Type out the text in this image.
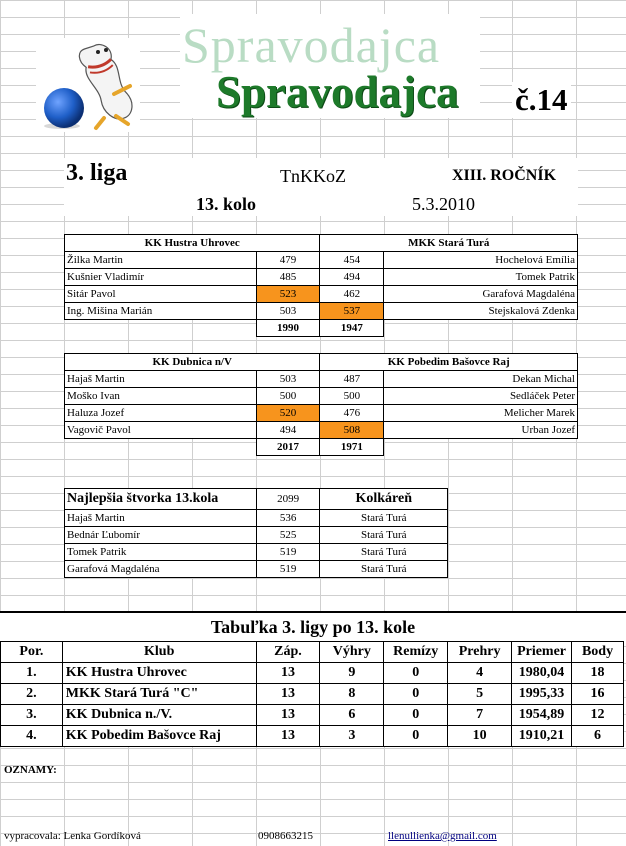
Spravodajca
Spravodajca č.14
3. liga	TnKKoZ	XIII. ROČNÍK
13. kolo	5.3.2010
KK Hustra Uhrovec		MKK Stará Turá	
Žilka Martin	479	454	Hochelová Emília
Kušnier Vladimír	485	494	Tomek Patrik
Sitár Pavol	523	462	Garafová Magdaléna
Ing. Mišina Marián	503	537	Stejskalová Zdenka
	1990	1947	
KK Dubnica n/V		KK Pobedim Bašovce Raj	
Hajaš Martin	503	487	Dekan Michal
Moško Ivan	500	500	Sedláček Peter
Haluza Jozef	520	476	Melicher Marek
Vagovič Pavol	494	508	Urban Jozef
	2017	1971	
Najlepšia štvorka 13.kola	2099	Kolkáreň
Hajaš Martin	536	Stará Turá
Bednár Ľubomír	525	Stará Turá
Tomek Patrik	519	Stará Turá
Garafová Magdaléna	519	Stará Turá
Tabuľka 3. ligy po 13. kole
Por.	Klub	Záp.	Výhry	Remízy	Prehry	Priemer	Body
1.	KK Hustra Uhrovec	13	9	0	4	1980,04	18
2.	MKK Stará Turá "C"	13	8	0	5	1995,33	16
3.	KK Dubnica n./V.	13	6	0	7	1954,89	12
4.	KK Pobedim Bašovce Raj	13	3	0	10	1910,21	6
OZNAMY:
vypracovala: Lenka Gordíková	0908663215	llenullienka@gmail.com
